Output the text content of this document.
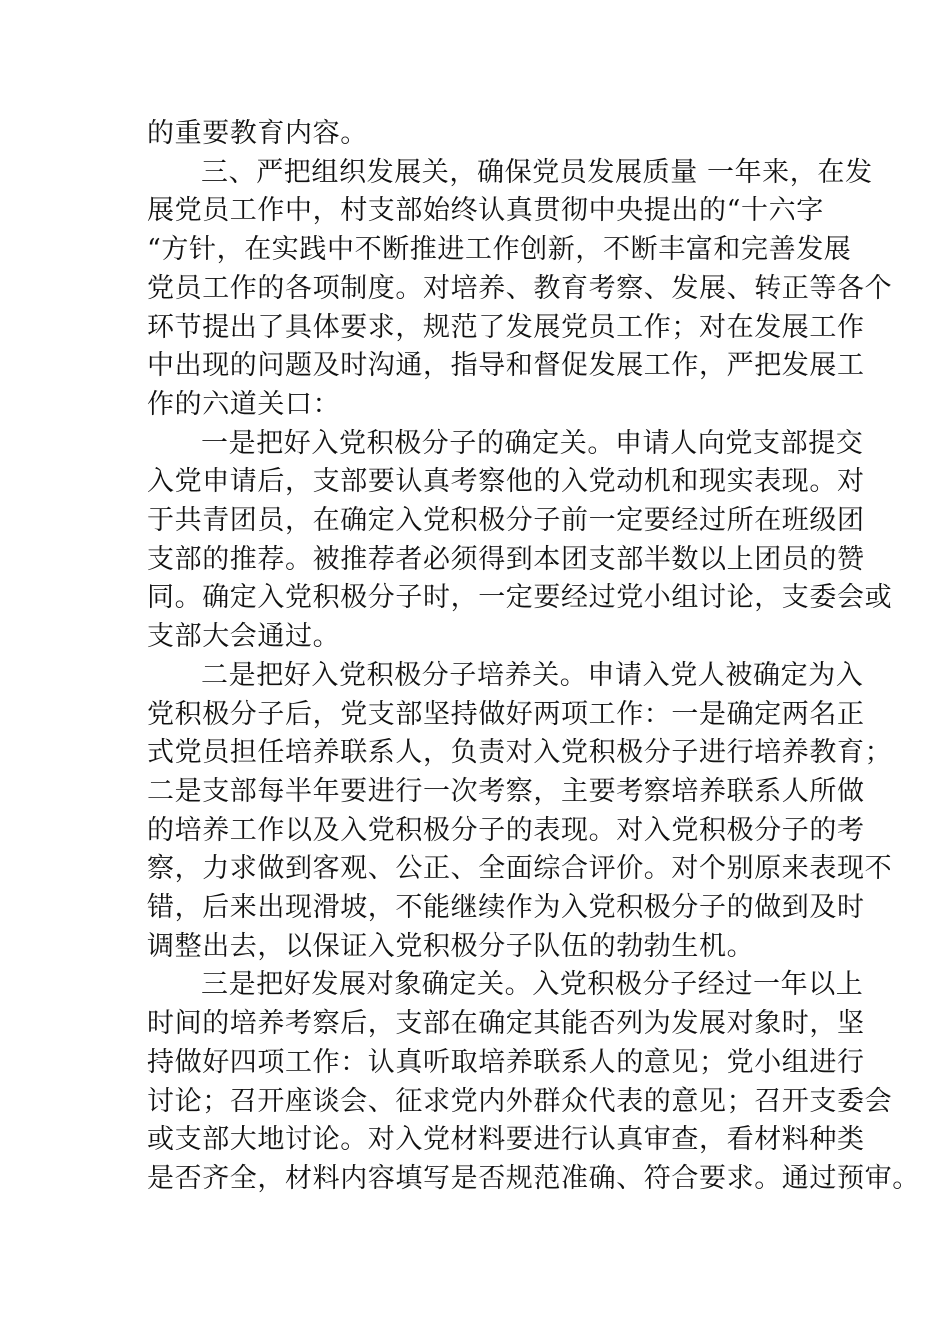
的重要教育内容。
三、严把组织发展关，确保党员发展质量 一年来，在发
展党员工作中，村支部始终认真贯彻中央提出的“十六字
“方针，在实践中不断推进工作创新，不断丰富和完善发展
党员工作的各项制度。对培养、教育考察、发展、转正等各个
环节提出了具体要求，规范了发展党员工作；对在发展工作
中出现的问题及时沟通，指导和督促发展工作，严把发展工
作的六道关口：
一是把好入党积极分子的确定关。申请人向党支部提交
入党申请后，支部要认真考察他的入党动机和现实表现。对
于共青团员，在确定入党积极分子前一定要经过所在班级团
支部的推荐。被推荐者必须得到本团支部半数以上团员的赞
同。确定入党积极分子时，一定要经过党小组讨论，支委会或
支部大会通过。
二是把好入党积极分子培养关。申请入党人被确定为入
党积极分子后，党支部坚持做好两项工作：一是确定两名正
式党员担任培养联系人，负责对入党积极分子进行培养教育；
二是支部每半年要进行一次考察，主要考察培养联系人所做
的培养工作以及入党积极分子的表现。对入党积极分子的考
察，力求做到客观、公正、全面综合评价。对个别原来表现不
错，后来出现滑坡，不能继续作为入党积极分子的做到及时
调整出去，以保证入党积极分子队伍的勃勃生机。
三是把好发展对象确定关。入党积极分子经过一年以上
时间的培养考察后，支部在确定其能否列为发展对象时，坚
持做好四项工作：认真听取培养联系人的意见；党小组进行
讨论；召开座谈会、征求党内外群众代表的意见；召开支委会
或支部大地讨论。对入党材料要进行认真审查，看材料种类
是否齐全，材料内容填写是否规范准确、符合要求。通过预审。
